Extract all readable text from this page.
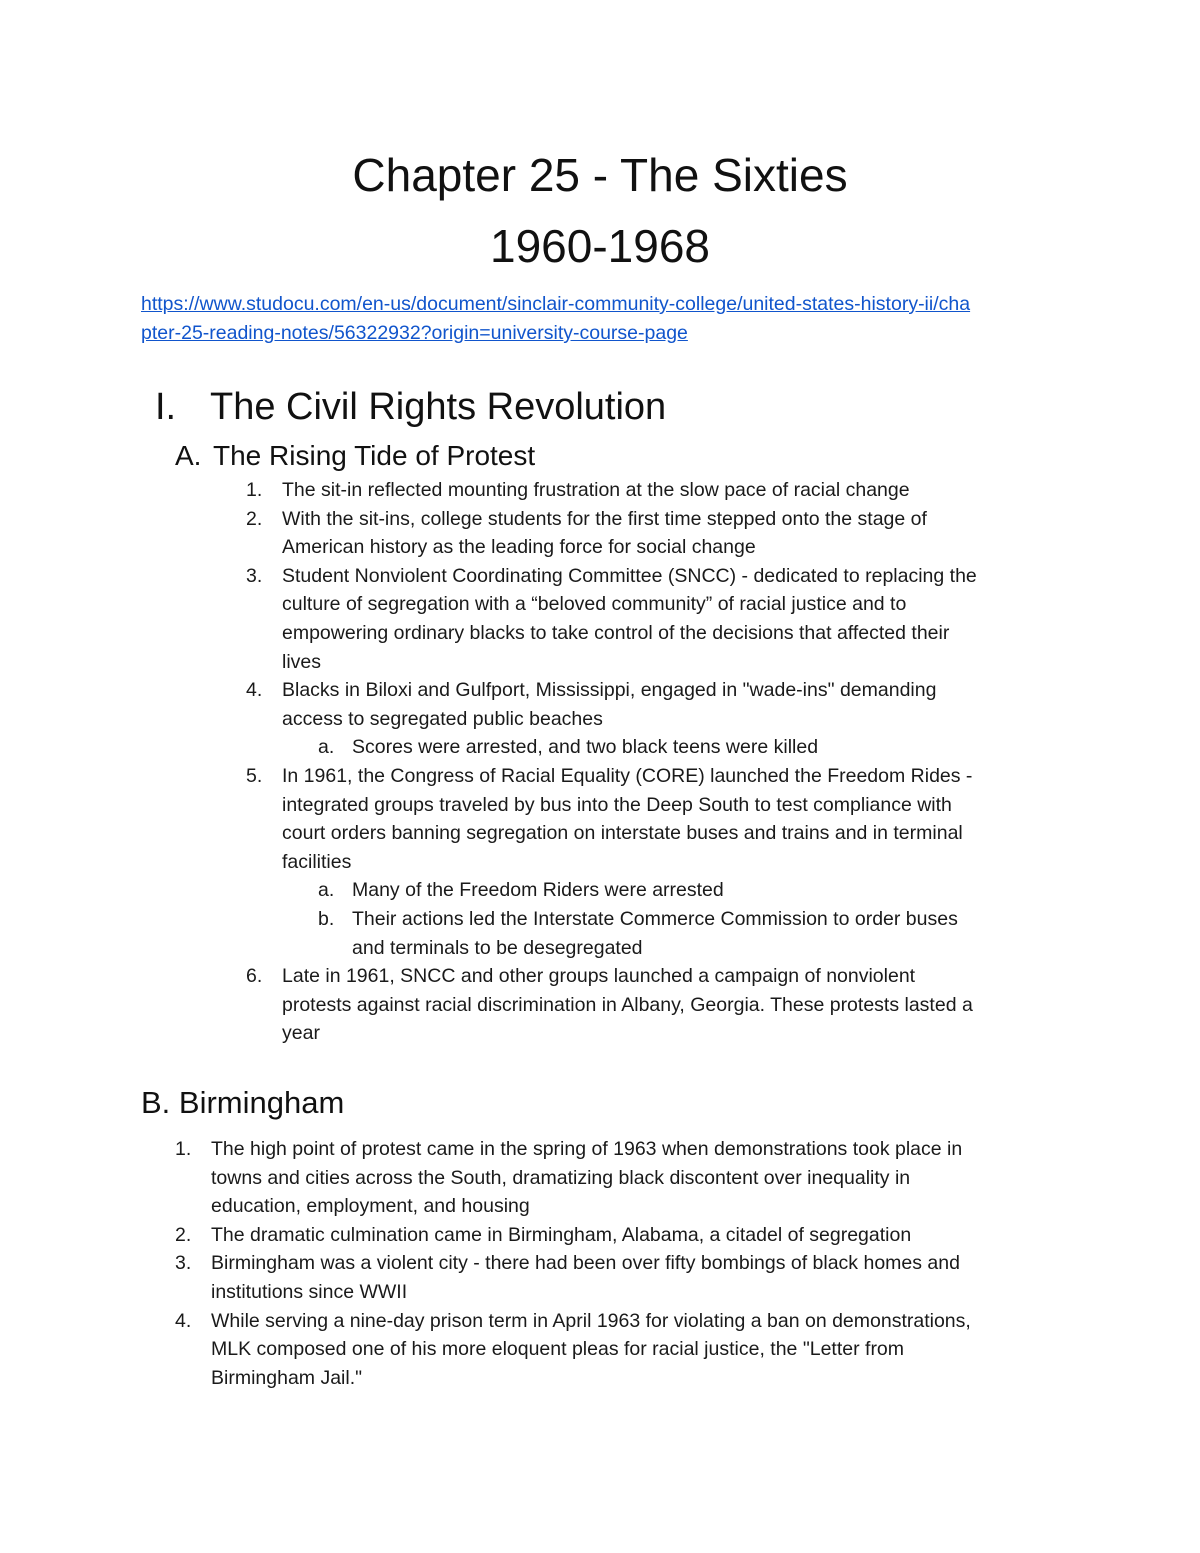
Chapter 25 - The Sixties
1960-1968
https://www.studocu.com/en-us/document/sinclair-community-college/united-states-history-ii/cha
pter-25-reading-notes/56322932?origin=university-course-page
I. The Civil Rights Revolution
A. The Rising Tide of Protest
1.	The sit-in reflected mounting frustration at the slow pace of racial change
2.	With the sit-ins, college students for the first time stepped onto the stage of
American history as the leading force for social change
3.	Student Nonviolent Coordinating Committee (SNCC) - dedicated to replacing the
culture of segregation with a “beloved community” of racial justice and to
empowering ordinary blacks to take control of the decisions that affected their
lives
4.	Blacks in Biloxi and Gulfport, Mississippi, engaged in "wade-ins" demanding
access to segregated public beaches
a. Scores were arrested, and two black teens were killed
5.	In 1961, the Congress of Racial Equality (CORE) launched the Freedom Rides -
integrated groups traveled by bus into the Deep South to test compliance with
court orders banning segregation on interstate buses and trains and in terminal
facilities
a. Many of the Freedom Riders were arrested
b. Their actions led the Interstate Commerce Commission to order buses
and terminals to be desegregated
6.	Late in 1961, SNCC and other groups launched a campaign of nonviolent
protests against racial discrimination in Albany, Georgia. These protests lasted a
year
B. Birmingham
1.	The high point of protest came in the spring of 1963 when demonstrations took place in
towns and cities across the South, dramatizing black discontent over inequality in
education, employment, and housing
2.	The dramatic culmination came in Birmingham, Alabama, a citadel of segregation
3.	Birmingham was a violent city - there had been over fifty bombings of black homes and
institutions since WWII
4.	While serving a nine-day prison term in April 1963 for violating a ban on demonstrations,
MLK composed one of his more eloquent pleas for racial justice, the "Letter from
Birmingham Jail."
